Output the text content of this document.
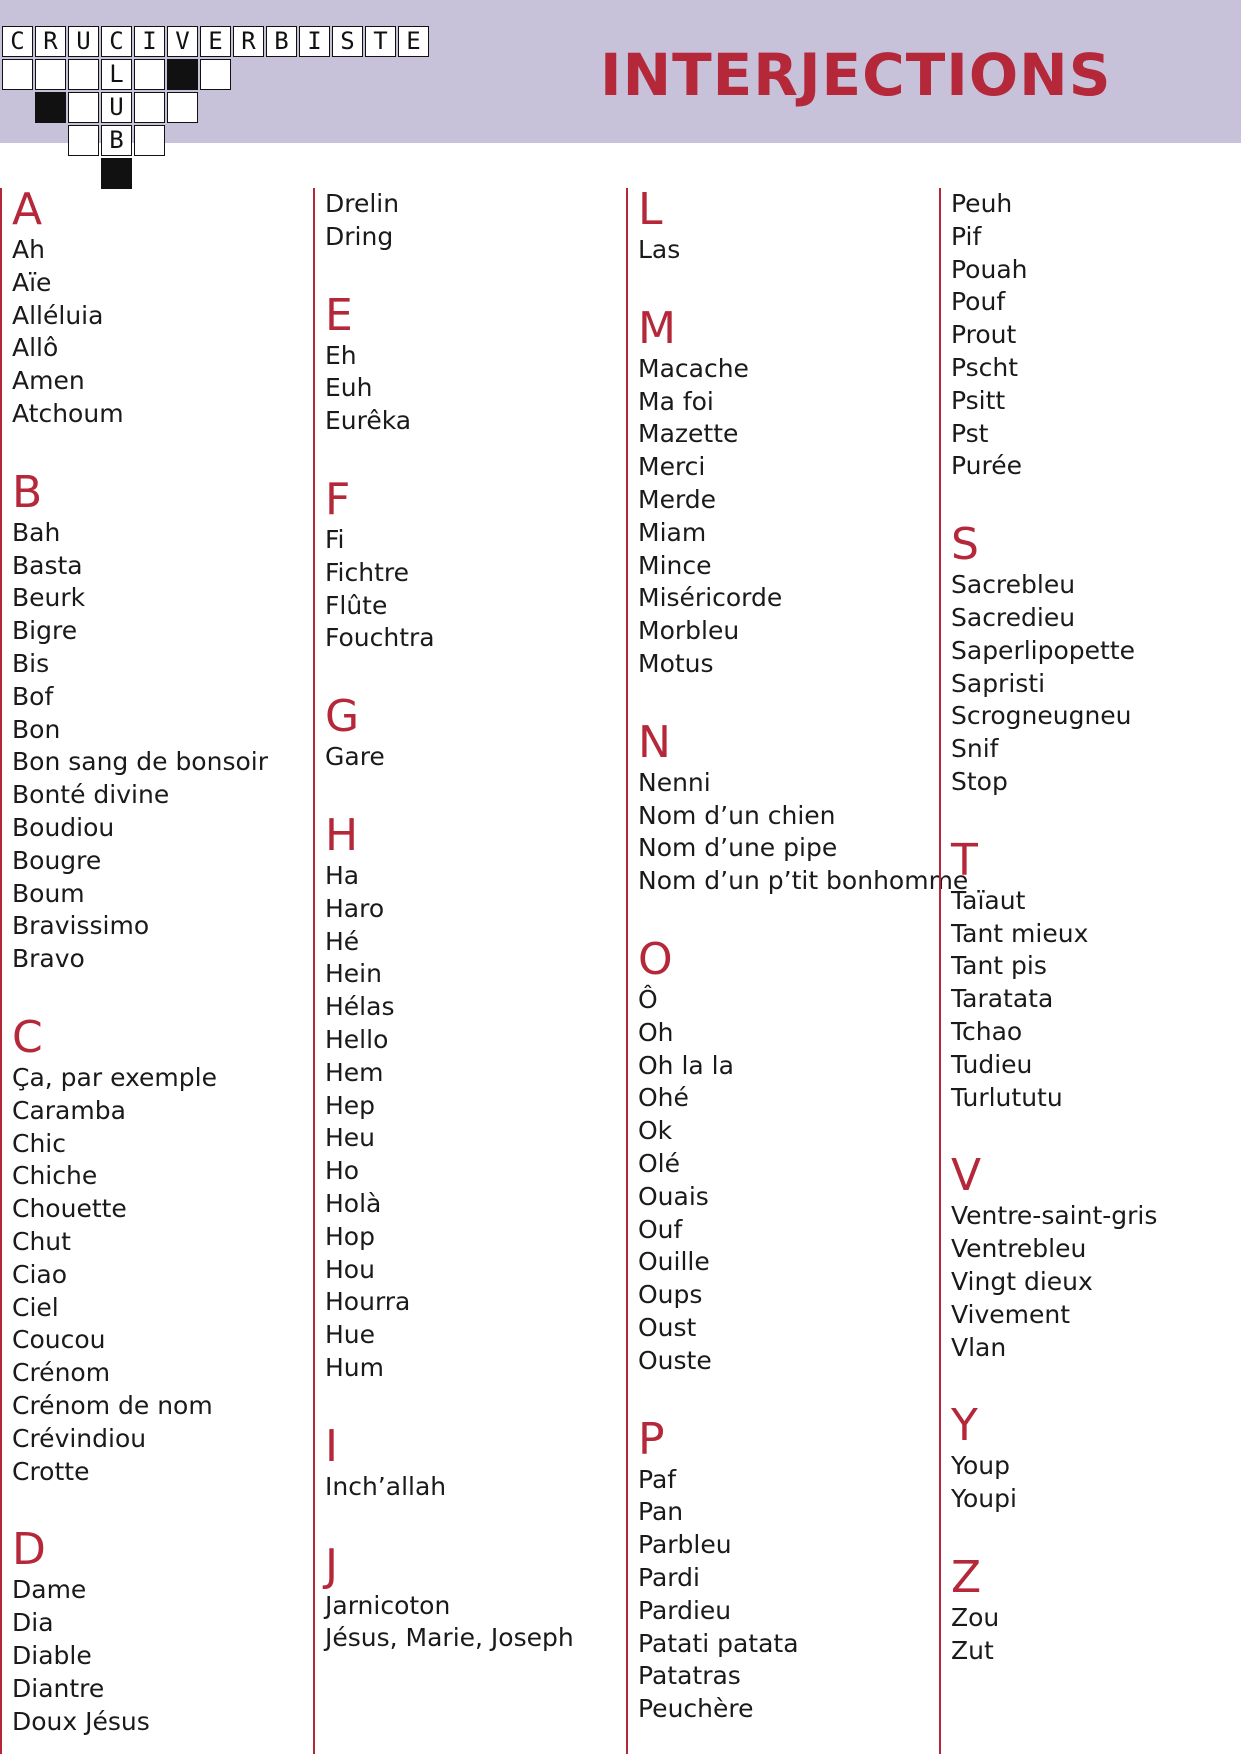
INTERJECTIONS
C R U C I V E R B I S T E
L
U
B
A
Ah
Aïe
Alléluia
Allô
Amen
Atchoum
B
Bah
Basta
Beurk
Bigre
Bis
Bof
Bon
Bon sang de bonsoir
Bonté divine
Boudiou
Bougre
Boum
Bravissimo
Bravo
C
Ça, par exemple
Caramba
Chic
Chiche
Chouette
Chut
Ciao
Ciel
Coucou
Crénom
Crénom de nom
Crévindiou
Crotte
D
Dame
Dia
Diable
Diantre
Doux Jésus
Drelin
Dring
E
Eh
Euh
Eurêka
F
Fi
Fichtre
Flûte
Fouchtra
G
Gare
H
Ha
Haro
Hé
Hein
Hélas
Hello
Hem
Hep
Heu
Ho
Holà
Hop
Hou
Hourra
Hue
Hum
I
Inch’allah
J
Jarnicoton
Jésus, Marie, Joseph
L
Las
M
Macache
Ma foi
Mazette
Merci
Merde
Miam
Mince
Miséricorde
Morbleu
Motus
N
Nenni
Nom d’un chien
Nom d’une pipe
Nom d’un p’tit bonhomme
O
Ô
Oh
Oh la la
Ohé
Ok
Olé
Ouais
Ouf
Ouille
Oups
Oust
Ouste
P
Paf
Pan
Parbleu
Pardi
Pardieu
Patati patata
Patatras
Peuchère
Peuh
Pif
Pouah
Pouf
Prout
Pscht
Psitt
Pst
Purée
S
Sacrebleu
Sacredieu
Saperlipopette
Sapristi
Scrogneugneu
Snif
Stop
T
Taïaut
Tant mieux
Tant pis
Taratata
Tchao
Tudieu
Turlututu
V
Ventre-saint-gris
Ventrebleu
Vingt dieux
Vivement
Vlan
Y
Youp
Youpi
Z
Zou
Zut
